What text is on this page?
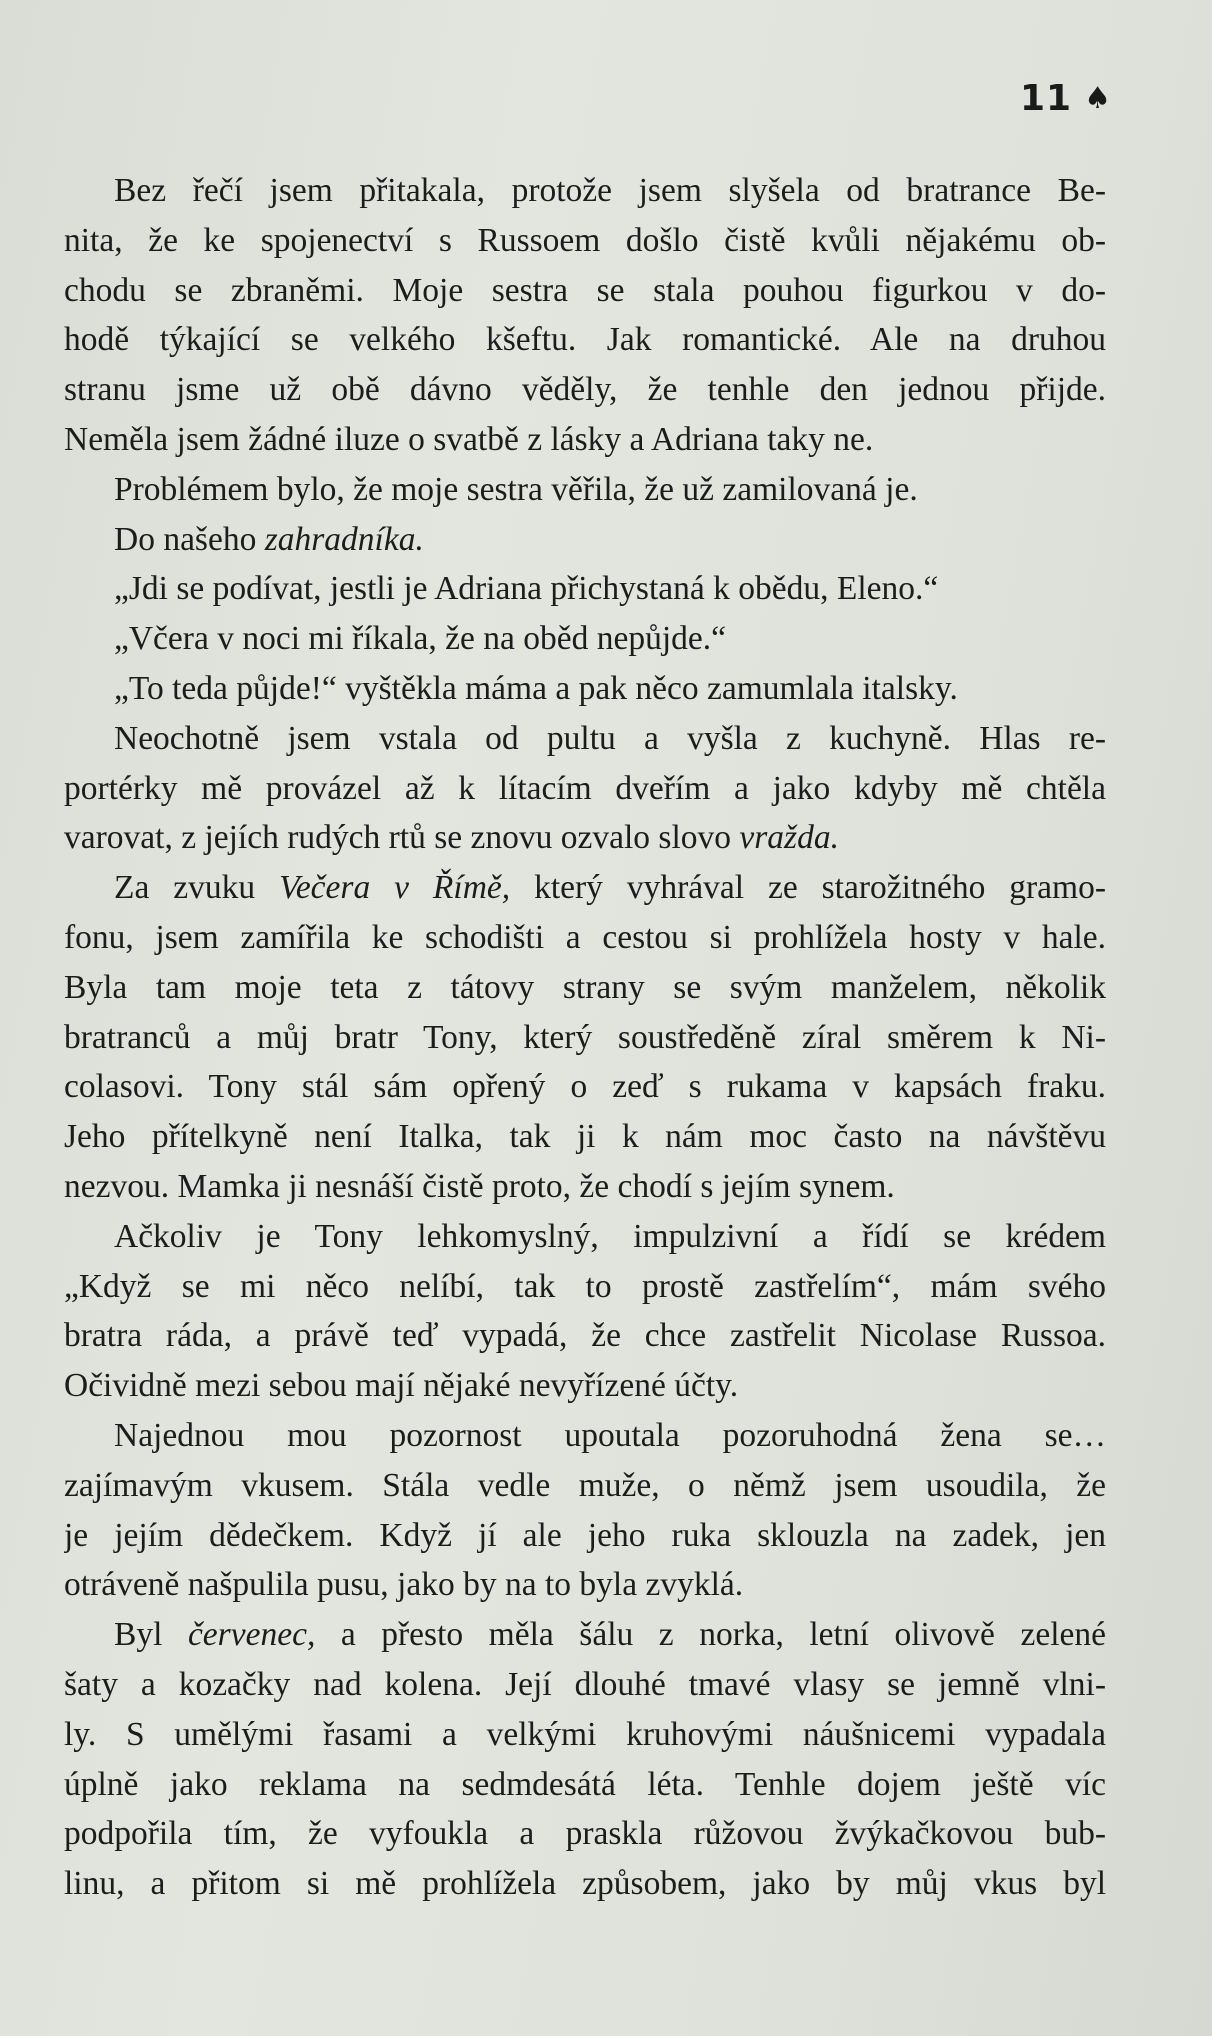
11 ♠
Bez řečí jsem přitakala, protože jsem slyšela od bratrance Be-
nita, že ke spojenectví s Russoem došlo čistě kvůli nějakému ob-
chodu se zbraněmi. Moje sestra se stala pouhou figurkou v do-
hodě týkající se velkého kšeftu. Jak romantické. Ale na druhou
stranu jsme už obě dávno věděly, že tenhle den jednou přijde.
Neměla jsem žádné iluze o svatbě z lásky a Adriana taky ne.
Problémem bylo, že moje sestra věřila, že už zamilovaná je.
Do našeho zahradníka.
„Jdi se podívat, jestli je Adriana přichystaná k obědu, Eleno.“
„Včera v noci mi říkala, že na oběd nepůjde.“
„To teda půjde!“ vyštěkla máma a pak něco zamumlala italsky.
Neochotně jsem vstala od pultu a vyšla z kuchyně. Hlas re-
portérky mě provázel až k lítacím dveřím a jako kdyby mě chtěla
varovat, z jejích rudých rtů se znovu ozvalo slovo vražda.
Za zvuku Večera v Římě, který vyhrával ze starožitného gramo-
fonu, jsem zamířila ke schodišti a cestou si prohlížela hosty v hale.
Byla tam moje teta z tátovy strany se svým manželem, několik
bratranců a můj bratr Tony, který soustředěně zíral směrem k Ni-
colasovi. Tony stál sám opřený o zeď s rukama v kapsách fraku.
Jeho přítelkyně není Italka, tak ji k nám moc často na návštěvu
nezvou. Mamka ji nesnáší čistě proto, že chodí s jejím synem.
Ačkoliv je Tony lehkomyslný, impulzivní a řídí se krédem
„Když se mi něco nelíbí, tak to prostě zastřelím“, mám svého
bratra ráda, a právě teď vypadá, že chce zastřelit Nicolase Russoa.
Očividně mezi sebou mají nějaké nevyřízené účty.
Najednou mou pozornost upoutala pozoruhodná žena se…
zajímavým vkusem. Stála vedle muže, o němž jsem usoudila, že
je jejím dědečkem. Když jí ale jeho ruka sklouzla na zadek, jen
otráveně našpulila pusu, jako by na to byla zvyklá.
Byl červenec, a přesto měla šálu z norka, letní olivově zelené
šaty a kozačky nad kolena. Její dlouhé tmavé vlasy se jemně vlni-
ly. S umělými řasami a velkými kruhovými náušnicemi vypadala
úplně jako reklama na sedmdesátá léta. Tenhle dojem ještě víc
podpořila tím, že vyfoukla a praskla růžovou žvýkačkovou bub-
linu, a přitom si mě prohlížela způsobem, jako by můj vkus byl
